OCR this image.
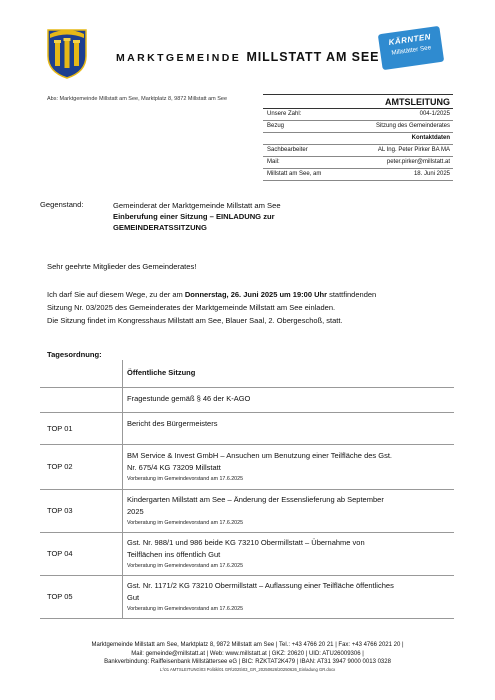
MARKTGEMEINDE MILLSTATT AM SEE
KÄRNTEN
Millstätter See
Abs: Marktgemeinde Millstatt am See, Marktplatz 8, 9872 Millstatt am See	AMTSLEITUNG
Unsere Zahl:	004-1/2025
Bezug	Sitzung des Gemeinderates
Kontaktdaten
Sachbearbeiter	AL Ing. Peter Pirker BA MA
Mail:	peter.pirker@millstatt.at
Millstatt am See, am	18. Juni 2025
Gegenstand:	Gemeinderat der Marktgemeinde Millstatt am See
Einberufung einer Sitzung – EINLADUNG zur
GEMEINDERATSSITZUNG
Sehr geehrte Mitglieder des Gemeinderates!
Ich darf Sie auf diesem Wege, zu der am Donnerstag, 26. Juni 2025 um 19:00 Uhr stattfindenden
Sitzung Nr. 03/2025 des Gemeinderates der Marktgemeinde Millstatt am See einladen.
Die Sitzung findet im Kongresshaus Millstatt am See, Blauer Saal, 2. Obergeschoß, statt.
Tagesordnung:
	Öffentliche Sitzung
	Fragestunde gemäß § 46 der K-AGO
TOP 01	Bericht des Bürgermeisters

TOP 02	BM Service & Invest GmbH – Ansuchen um Benutzung einer Teilfläche des Gst.
Nr. 675/4 KG 73209 Millstatt
Vorberatung im Gemeindevorstand am 17.6.2025

TOP 03	Kindergarten Millstatt am See – Änderung der Essenslieferung ab September
2025
Vorberatung im Gemeindevorstand am 17.6.2025

TOP 04	Gst. Nr. 988/1 und 986 beide KG 73210 Obermillstatt – Übernahme von
Teilflächen ins öffentlich Gut
Vorberatung im Gemeindevorstand am 17.6.2025

TOP 05	Gst. Nr. 1171/2 KG 73210 Obermillstatt – Auflassung einer Teilfläche öffentliches
Gut
Vorberatung im Gemeindevorstand am 17.6.2025
Marktgemeinde Millstatt am See, Marktplatz 8, 9872 Millstatt am See | Tel.: +43 4766 20 21 | Fax: +43 4766 2021 20 |
Mail: gemeinde@millstatt.at | Web: www.millstatt.at | GKZ: 20620 | UID: ATU26009306 |
Bankverbindung: Raiffeisenbank Millstättersee eG | BIC: RZKTAT2K479 | IBAN: AT31 3947 9000 0013 0328
L:\01 AMTSLEITUNG\03 Politik\01 GR\2025\03_GR_20250626\20250626_Einladung GR.docx
